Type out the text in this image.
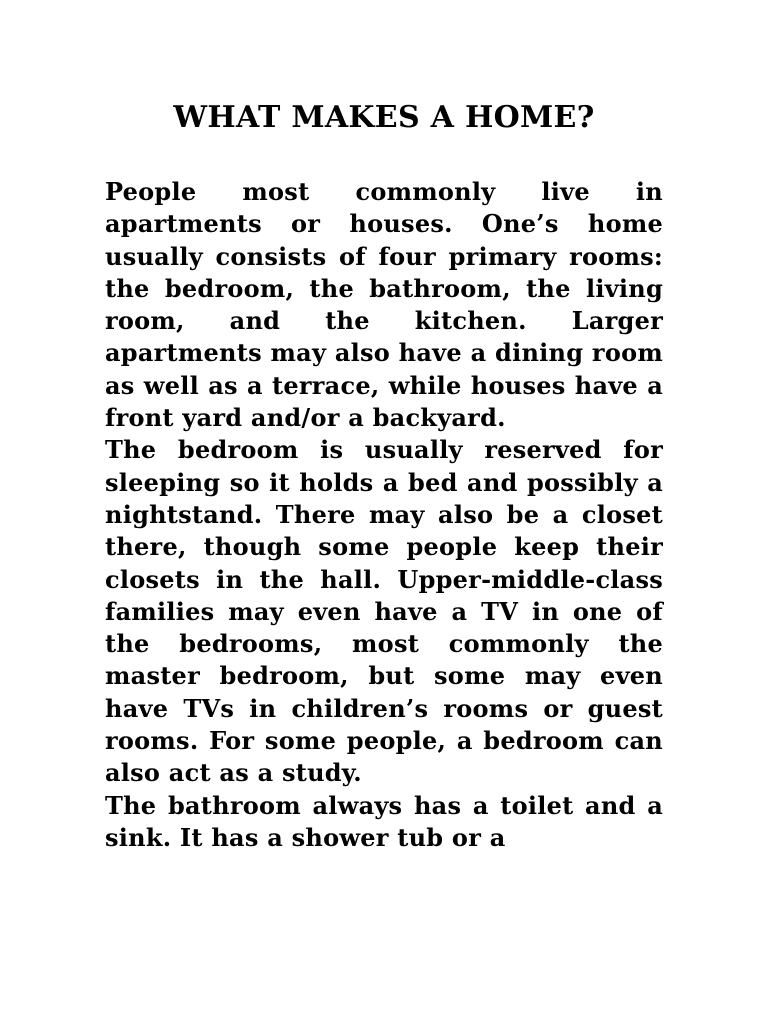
WHAT MAKES A HOME?

People most commonly live in apartments or houses. One’s home usually consists of four primary rooms: the bedroom, the bathroom, the living room, and the kitchen. Larger apartments may also have a dining room as well as a terrace, while houses have a front yard and/or a backyard.

The bedroom is usually reserved for sleeping so it holds a bed and possibly a nightstand. There may also be a closet there, though some people keep their closets in the hall. Upper-middle-class families may even have a TV in one of the bedrooms, most commonly the master bedroom, but some may even have TVs in children’s rooms or guest rooms. For some people, a bedroom can also act as a study.

The bathroom always has a toilet and a sink. It has a shower tub or a
